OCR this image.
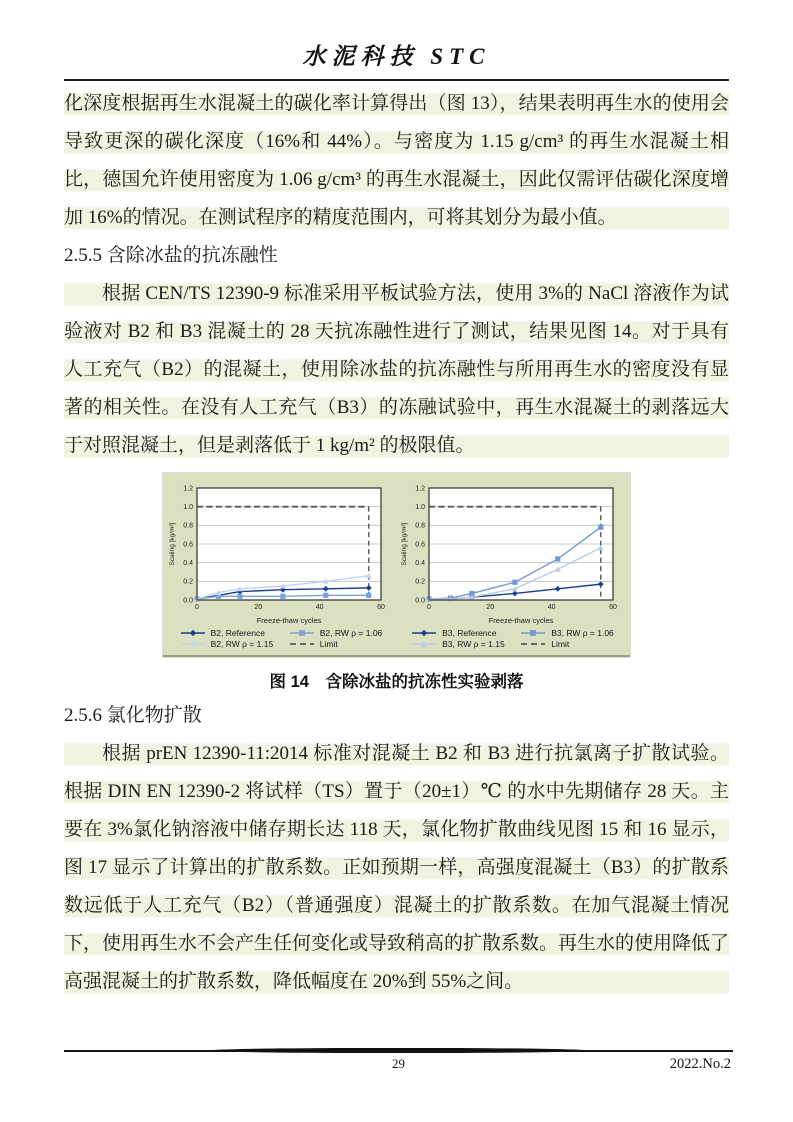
水泥科技 STC

化深度根据再生水混凝土的碳化率计算得出（图 13），结果表明再生水的使用会导致更深的碳化深度（16%和 44%）。与密度为 1.15 g/cm³ 的再生水混凝土相比，德国允许使用密度为 1.06 g/cm³ 的再生水混凝土，因此仅需评估碳化深度增加 16%的情况。在测试程序的精度范围内，可将其划分为最小值。

2.5.5 含除冰盐的抗冻融性

根据 CEN/TS 12390-9 标准采用平板试验方法，使用 3%的 NaCl 溶液作为试验液对 B2 和 B3 混凝土的 28 天抗冻融性进行了测试，结果见图 14。对于具有人工充气（B2）的混凝土，使用除冰盐的抗冻融性与所用再生水的密度没有显著的相关性。在没有人工充气（B3）的冻融试验中，再生水混凝土的剥落远大于对照混凝土，但是剥落低于 1 kg/m² 的极限值。

0.0
0.2
0.4
0.6
0.8
1.0
1.2
0	20	40	60
Scaling [kg/m²]
Freeze-thaw cycles
B2, Reference	B2, RW ρ = 1.06
B2, RW ρ = 1.15	Limit
0.0
0.2
0.4
0.6
0.8
1.0
1.2
0	20	40	60
Scaling [kg/m²]
Freeze-thaw cycles
B3, Reference	B3, RW ρ = 1.06
B3, RW ρ = 1.15	Limit
图 14　含除冰盐的抗冻性实验剥落
2.5.6 氯化物扩散

根据 prEN 12390-11:2014 标准对混凝土 B2 和 B3 进行抗氯离子扩散试验。根据 DIN EN 12390-2 将试样（TS）置于（20±1）℃ 的水中先期储存 28 天。主要在 3%氯化钠溶液中储存期长达 118 天，氯化物扩散曲线见图 15 和 16 显示，图 17 显示了计算出的扩散系数。正如预期一样，高强度混凝土（B3）的扩散系数远低于人工充气（B2）（普通强度）混凝土的扩散系数。在加气混凝土情况下，使用再生水不会产生任何变化或导致稍高的扩散系数。再生水的使用降低了高强混凝土的扩散系数，降低幅度在 20%到 55%之间。

29	2022.No.2
